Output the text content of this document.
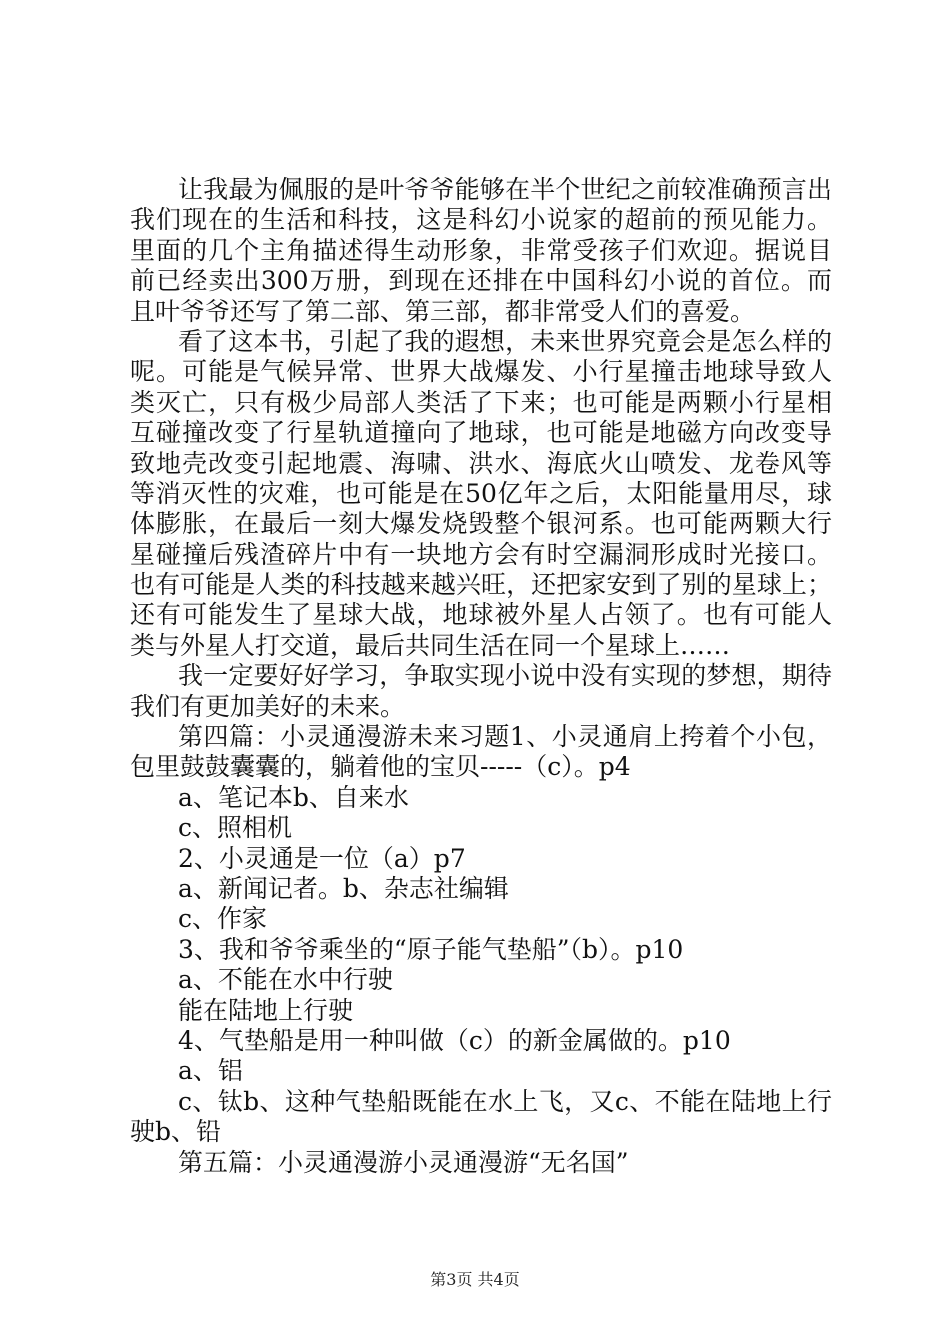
让我最为佩服的是叶爷爷能够在半个世纪之前较准确预言出
我们现在的生活和科技，这是科幻小说家的超前的预见能力。
里面的几个主角描述得生动形象，非常受孩子们欢迎。据说目
前已经卖出300万册，到现在还排在中国科幻小说的首位。而
且叶爷爷还写了第二部、第三部，都非常受人们的喜爱。
看了这本书，引起了我的遐想，未来世界究竟会是怎么样的
呢。可能是气候异常、世界大战爆发、小行星撞击地球导致人
类灭亡，只有极少局部人类活了下来；也可能是两颗小行星相
互碰撞改变了行星轨道撞向了地球，也可能是地磁方向改变导
致地壳改变引起地震、海啸、洪水、海底火山喷发、龙卷风等
等消灭性的灾难，也可能是在50亿年之后，太阳能量用尽，球
体膨胀，在最后一刻大爆发烧毁整个银河系。也可能两颗大行
星碰撞后残渣碎片中有一块地方会有时空漏洞形成时光接口。
也有可能是人类的科技越来越兴旺，还把家安到了别的星球上；
还有可能发生了星球大战，地球被外星人占领了。也有可能人
类与外星人打交道，最后共同生活在同一个星球上……
我一定要好好学习，争取实现小说中没有实现的梦想，期待
我们有更加美好的未来。
第四篇：小灵通漫游未来习题1、小灵通肩上挎着个小包，
包里鼓鼓囊囊的，躺着他的宝贝-----（c）。p4
a、笔记本b、自来水
c、照相机
2、小灵通是一位（a）p7
a、新闻记者。b、杂志社编辑
c、作家
3、我和爷爷乘坐的“原子能气垫船”（b）。p10
a、不能在水中行驶
能在陆地上行驶
4、气垫船是用一种叫做（c）的新金属做的。p10
a、铝
c、钛b、这种气垫船既能在水上飞，又c、不能在陆地上行
驶b、铅
第五篇：小灵通漫游小灵通漫游“无名国”
第3页 共4页
